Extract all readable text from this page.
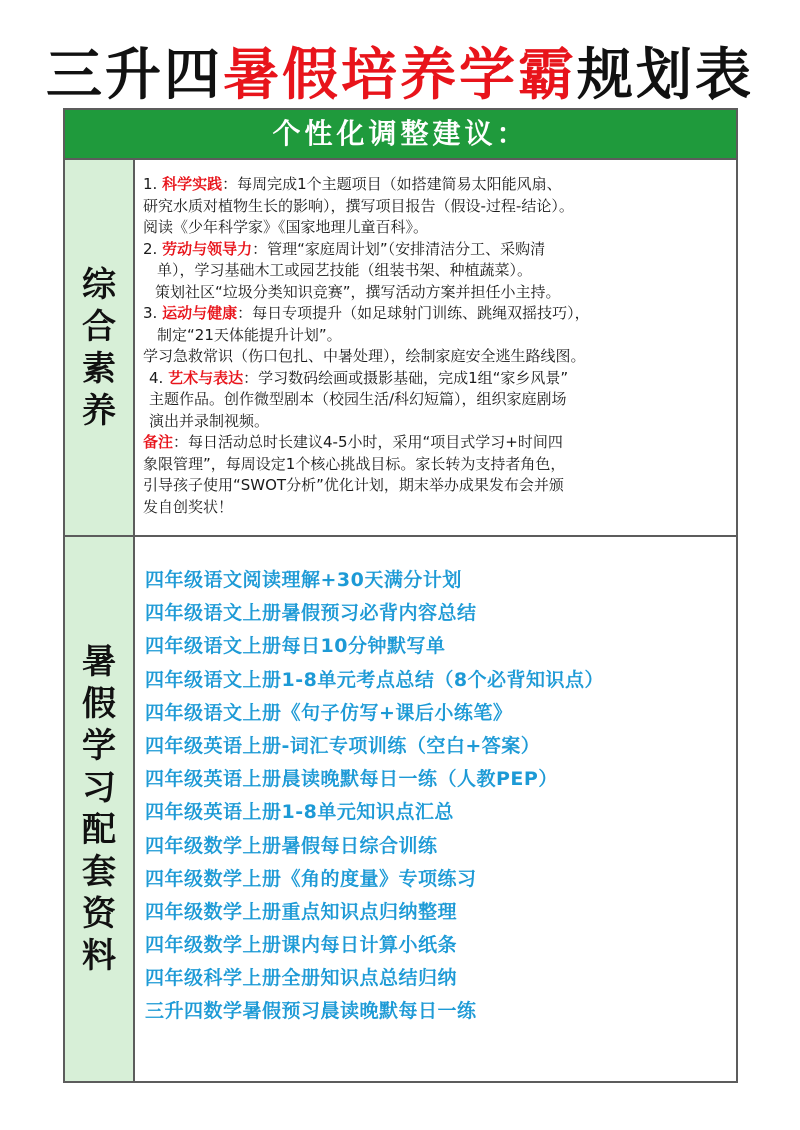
三升四暑假培养学霸规划表
个性化调整建议：
综
合
素
养

1. 科学实践：每周完成1个主题项目（如搭建简易太阳能风扇、

研究水质对植物生长的影响），撰写项目报告（假设-过程-结论）。

阅读《少年科学家》《国家地理儿童百科》。

2. 劳动与领导力：管理“家庭周计划”（安排清洁分工、采购清

单），学习基础木工或园艺技能（组装书架、种植蔬菜）。

策划社区“垃圾分类知识竞赛”，撰写活动方案并担任小主持。

3. 运动与健康：每日专项提升（如足球射门训练、跳绳双摇技巧），

制定“21天体能提升计划”。

学习急救常识（伤口包扎、中暑处理），绘制家庭安全逃生路线图。

4. 艺术与表达：学习数码绘画或摄影基础，完成1组“家乡风景”

主题作品。创作微型剧本（校园生活/科幻短篇），组织家庭剧场

演出并录制视频。

备注：每日活动总时长建议4-5小时，采用“项目式学习+时间四

象限管理”，每周设定1个核心挑战目标。家长转为支持者角色，

引导孩子使用“SWOT分析”优化计划，期末举办成果发布会并颁

发自创奖状！

暑
假
学
习
配
套
资
料
四年级语文阅读理解+30天满分计划
四年级语文上册暑假预习必背内容总结
四年级语文上册每日10分钟默写单
四年级语文上册1-8单元考点总结（8个必背知识点）
四年级语文上册《句子仿写+课后小练笔》
四年级英语上册-词汇专项训练（空白+答案）
四年级英语上册晨读晚默每日一练（人教PEP）
四年级英语上册1-8单元知识点汇总
四年级数学上册暑假每日综合训练
四年级数学上册《角的度量》专项练习
四年级数学上册重点知识点归纳整理
四年级数学上册课内每日计算小纸条
四年级科学上册全册知识点总结归纳
三升四数学暑假预习晨读晚默每日一练
